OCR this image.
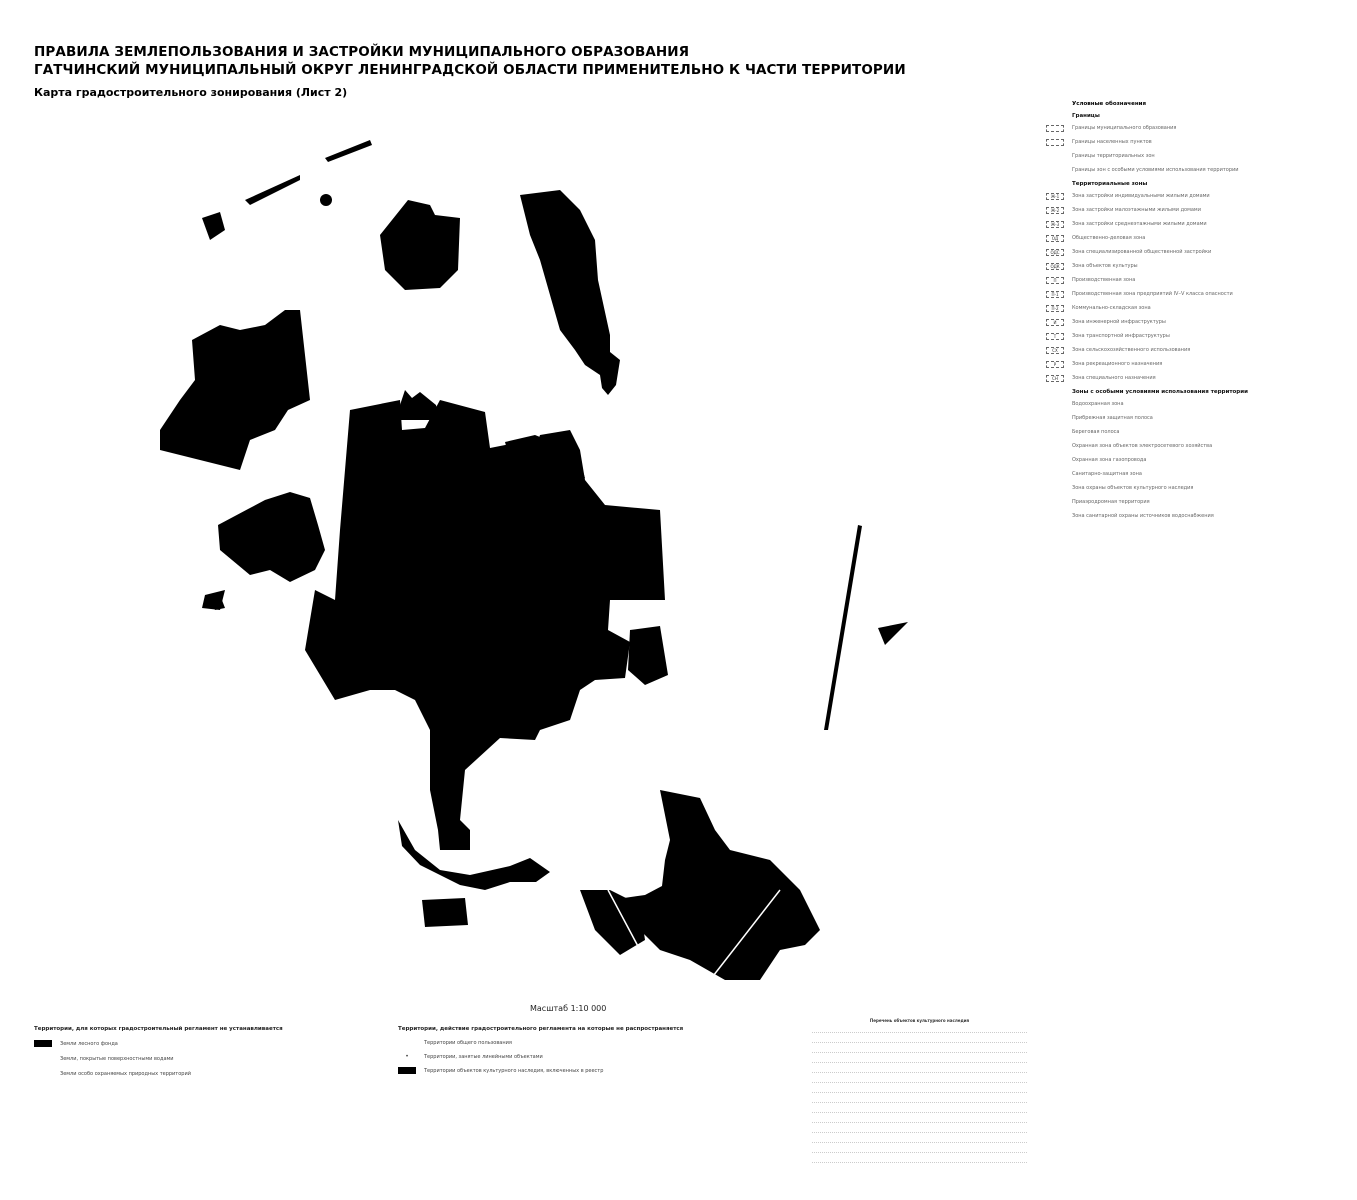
ПРАВИЛА ЗЕМЛЕПОЛЬЗОВАНИЯ И ЗАСТРОЙКИ МУНИЦИПАЛЬНОГО ОБРАЗОВАНИЯ
ГАТЧИНСКИЙ МУНИЦИПАЛЬНЫЙ ОКРУГ ЛЕНИНГРАДСКОЙ ОБЛАСТИ ПРИМЕНИТЕЛЬНО К ЧАСТИ ТЕРРИТОРИИ
Карта градостроительного зонирования (Лист 2)
Масштаб 1:10 000
Условные обозначения
Границы
Границы муниципального образования
Границы населенных пунктов
Границы территориальных зон
Границы зон с особыми условиями использования территории
Территориальные зоны
Ж-1	Зона застройки индивидуальными жилыми домами
Ж-2	Зона застройки малоэтажными жилыми домами
Ж-3	Зона застройки среднеэтажными жилыми домами
ОД	Общественно-деловая зона
ОДС	Зона специализированной общественной застройки
ОДК	Зона объектов культуры
П	Производственная зона
П-1	Производственная зона предприятий IV–V класса опасности
П-2	Коммунально-складская зона
И	Зона инженерной инфраструктуры
Т	Зона транспортной инфраструктуры
СХ	Зона сельскохозяйственного использования
Р	Зона рекреационного назначения
СН	Зона специального назначения
Зоны с особыми условиями использования территории
Водоохранная зона
Прибрежная защитная полоса
Береговая полоса
Охранная зона объектов электросетевого хозяйства
Охранная зона газопровода
Санитарно-защитная зона
Зона охраны объектов культурного наследия
Приаэродромная территория
Зона санитарной охраны источников водоснабжения
Территории, для которых градостроительный регламент не устанавливается
Земли лесного фонда
Земли, покрытые поверхностными водами
Земли особо охраняемых природных территорий
Территории, действие градостроительного регламента на которые не распространяется
Территории общего пользования
•	Территории, занятые линейными объектами
Территории объектов культурного наследия, включенных в реестр
Перечень объектов культурного наследия
